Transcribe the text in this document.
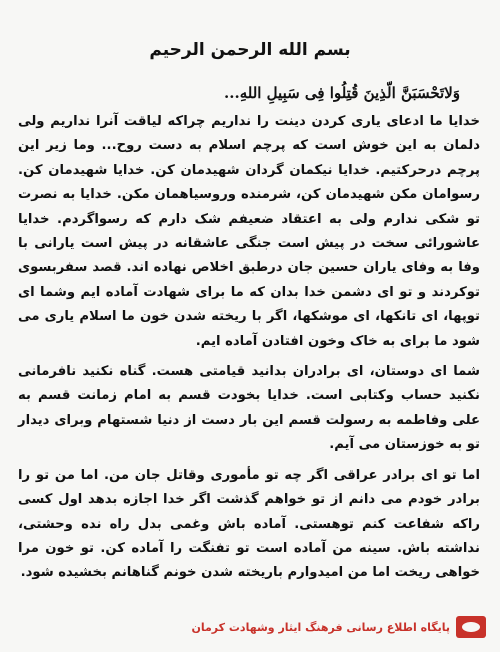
بسم الله الرحمن الرحيم
وَلاتَحْسَبَنَّ الّذِينَ قُتِلُوا فِی سَبِیلِ اللهِ...

خدایا ما ادعای یاری کردن دینت را نداریم چراکه لیاقت آنرا نداریم ولی دلمان به این خوش است که پرچم اسلام به دست روح... وما زیر این پرچم درحرکتیم. خدایا نیکمان گردان شهیدمان کن. خدایا شهیدمان کن. رسوامان مکن شهیدمان کن، شرمنده وروسیاهمان مکن. خدایا به نصرت تو شکی ندارم ولی به اعتقاد ضعیفم شک دارم که رسواگردم. خدایا عاشورائی سخت در پیش است جنگی عاشقانه در پیش است یارانی با وفا به وفای یاران حسین جان درطبق اخلاص نهاده اند. قصد سفربسوی توکردند و تو ای دشمن خدا بدان که ما برای شهادت آماده ایم وشما ای توپها، ای تانکها، ای موشکها، اگر با ریخته شدن خون ما اسلام یاری می شود ما برای به خاک وخون افتادن آماده ایم.

شما ای دوستان، ای برادران بدانید قیامتی هست. گناه نکنید نافرمانی نکنید حساب وکتابی است. خدایا بخودت قسم به امام زمانت قسم به علی وفاطمه به رسولت قسم این بار دست از دنیا شستهام وبرای دیدار تو به خوزستان می آیم.

اما تو ای برادر عراقی اگر چه تو مأموری وقاتل جان من. اما من تو را برادر خودم می دانم از تو خواهم گذشت اگر خدا اجازه بدهد اول کسی راکه شفاعت کنم توهستی. آماده باش وغمی بدل راه نده وحشتی، نداشته باش. سینه من آماده است تو تفنگت را آماده کن. تو خون مرا خواهی ریخت اما من امیدوارم باریخته شدن خونم گناهانم بخشیده شود.

پایگاه اطلاع رسانی فرهنگ ایثار وشهادت کرمان
